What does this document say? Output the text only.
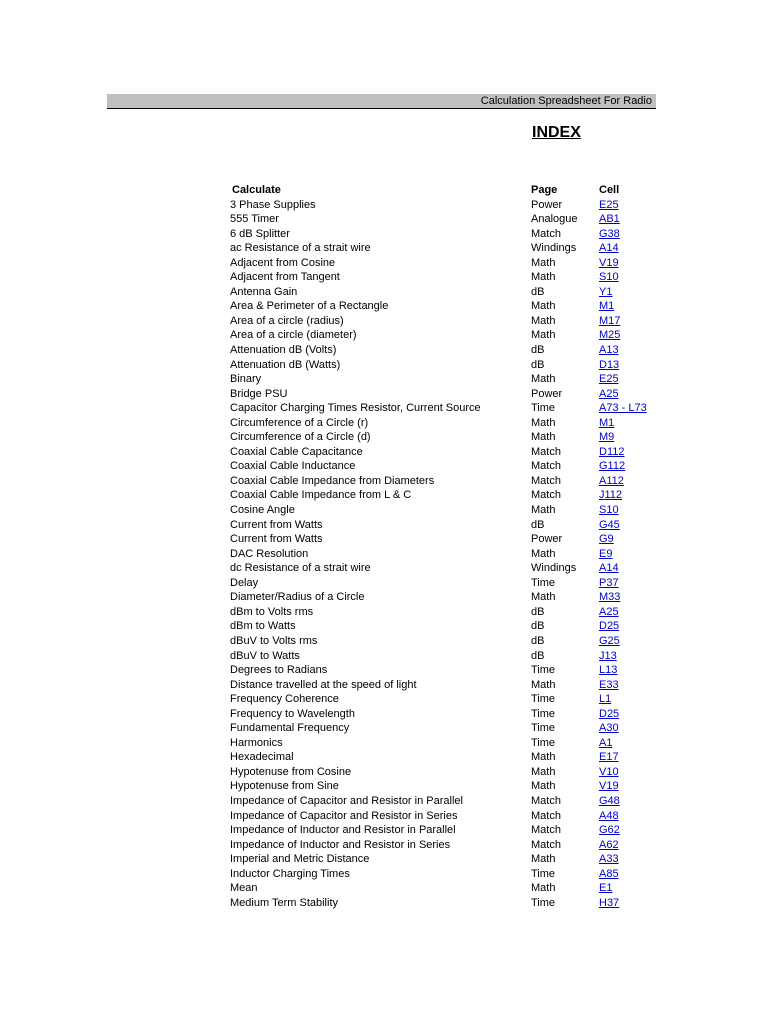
Calculation Spreadsheet For Radio
INDEX
Calculate	Page	Cell
3 Phase Supplies	Power	E25
555 Timer	Analogue AB1
6 dB Splitter	Match	G38
ac Resistance of a strait wire	Windings A14
Adjacent from Cosine	Math	V19
Adjacent from Tangent	Math	S10
Antenna Gain	dB	Y1
Area & Perimeter of a Rectangle	Math	M1
Area of a circle (radius)	Math	M17
Area of a circle (diameter)	Math	M25
Attenuation dB (Volts)	dB	A13
Attenuation dB (Watts)	dB	D13
Binary	Math	E25
Bridge PSU	Power	A25
Capacitor Charging Times Resistor, Current Source	Time	A73 - L73
Circumference of a Circle (r)	Math	M1
Circumference of a Circle (d)	Math	M9
Coaxial Cable Capacitance	Match	D112
Coaxial Cable Inductance	Match	G112
Coaxial Cable Impedance from Diameters	Match	A112
Coaxial Cable Impedance from L & C	Match	J112
Cosine Angle	Math	S10
Current from Watts	dB	G45
Current from Watts	Power	G9
DAC Resolution	Math	E9
dc Resistance of a strait wire	Windings A14
Delay	Time	P37
Diameter/Radius of a Circle	Math	M33
dBm to Volts rms	dB	A25
dBm to Watts	dB	D25
dBuV to Volts rms	dB	G25
dBuV to Watts	dB	J13
Degrees to Radians	Time	L13
Distance travelled at the speed of light	Math	E33
Frequency Coherence	Time	L1
Frequency to Wavelength	Time	D25
Fundamental Frequency	Time	A30
Harmonics	Time	A1
Hexadecimal	Math	E17
Hypotenuse from Cosine	Math	V10
Hypotenuse from Sine	Math	V19
Impedance of Capacitor and Resistor in Parallel	Match	G48
Impedance of Capacitor and Resistor in Series	Match	A48
Impedance of Inductor and Resistor in Parallel	Match	G62
Impedance of Inductor and Resistor in Series	Match	A62
Imperial and Metric Distance	Math	A33
Inductor Charging Times	Time	A85
Mean	Math	E1
Medium Term Stability	Time	H37
